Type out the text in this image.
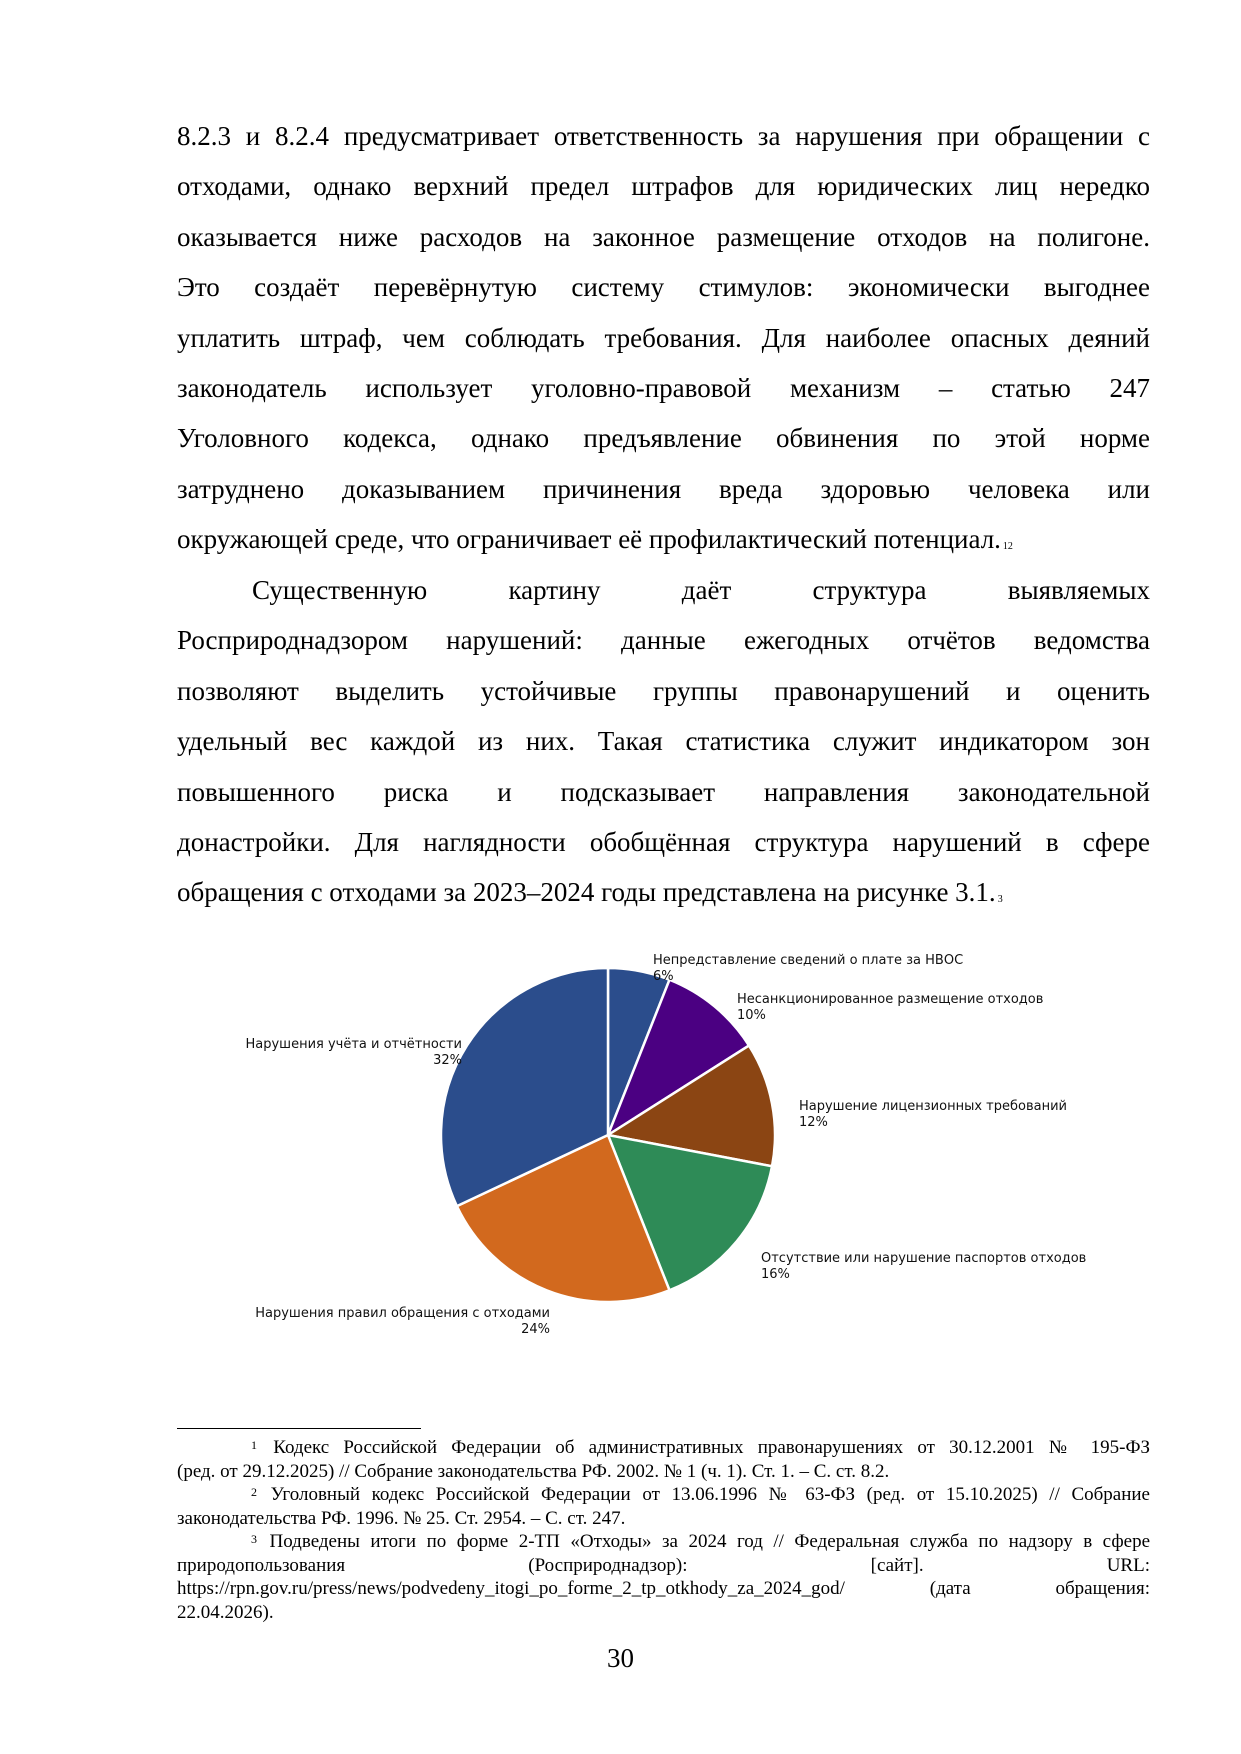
8.2.3 и 8.2.4 предусматривает ответственность за нарушения при обращении с
отходами, однако верхний предел штрафов для юридических лиц нередко
оказывается ниже расходов на законное размещение отходов на полигоне.
Это создаёт перевёрнутую систему стимулов: экономически выгоднее
уплатить штраф, чем соблюдать требования. Для наиболее опасных деяний
законодатель использует уголовно-правовой механизм – статью 247
Уголовного кодекса, однако предъявление обвинения по этой норме
затруднено доказыванием причинения вреда здоровью человека или
окружающей среде, что ограничивает её профилактический потенциал. $^{12}$

Существенную картину даёт структура выявляемых
Росприроднадзором нарушений: данные ежегодных отчётов ведомства
позволяют выделить устойчивые группы правонарушений и оценить
удельный вес каждой из них. Такая статистика служит индикатором зон
повышенного риска и подсказывает направления законодательной
донастройки. Для наглядности обобщённая структура нарушений в сфере
обращения с отходами за 2023–2024 годы представлена на рисунке 3.1. $^3$

Непредставление сведений о плате за НВОС
6%
Несанкционированное размещение отходов
10%
Нарушение лицензионных требований
12%
Отсутствие или нарушение паспортов отходов
16%
Нарушения правил обращения с отходами
24%
Нарушения учёта и отчётности
32%

$^1$ Кодекс Российской Федерации об административных правонарушениях от 30.12.2001 № 195-ФЗ
(ред. от 29.12.2025) // Собрание законодательства РФ. 2002. № 1 (ч. 1). Ст. 1. – С. ст. 8.2.

$^2$ Уголовный кодекс Российской Федерации от 13.06.1996 № 63-ФЗ (ред. от 15.10.2025) // Собрание
законодательства РФ. 1996. № 25. Ст. 2954. – С. ст. 247.

$^3$ Подведены итоги по форме 2-ТП «Отходы» за 2024 год // Федеральная служба по надзору в сфере
природопользования (Росприроднадзор): [сайт]. URL:
https://rpn.gov.ru/press/news/podvedeny_itogi_po_forme_2_tp_otkhody_za_2024_god/ (дата обращения:
22.04.2026).

30
